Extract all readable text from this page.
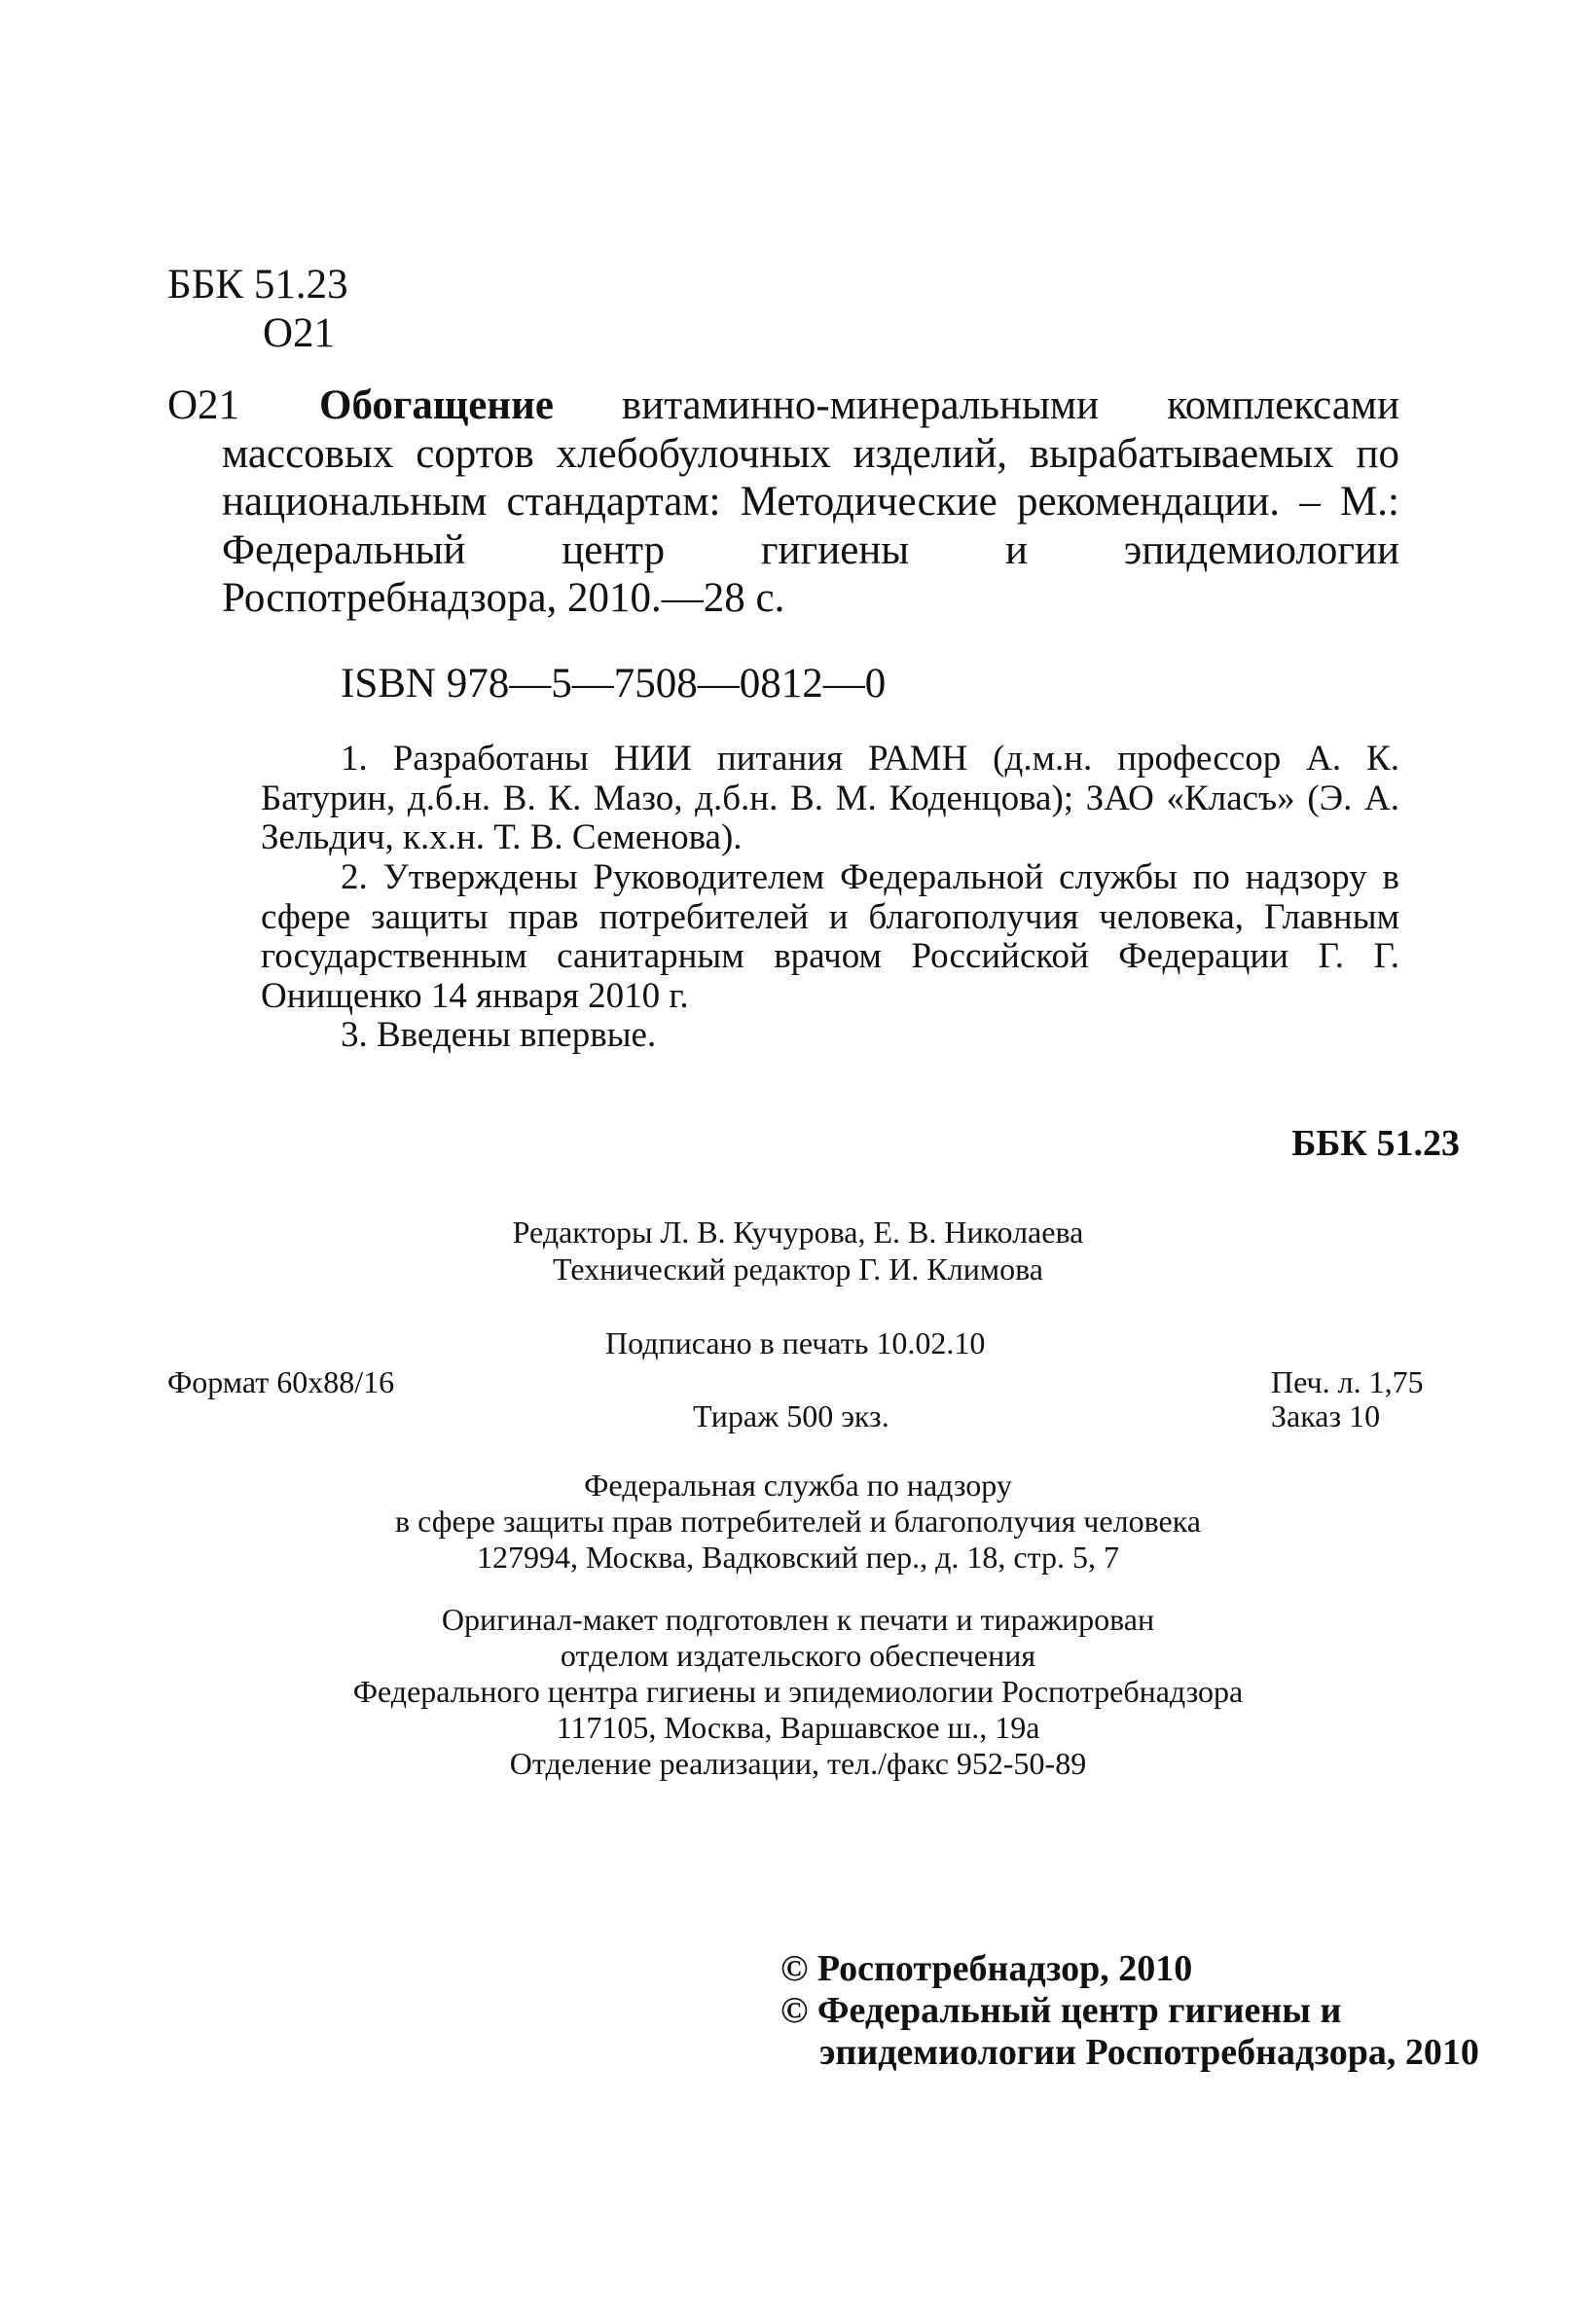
ББК 51.23
О21
О21	Обогащение витаминно-минеральными комплексами массовых сортов хлебобулочных изделий, вырабатываемых по национальным стандартам: Методические рекомендации. – М.: Федеральный центр гигиены и эпидемиологии Роспотребнадзора, 2010.—28 с.
ISBN 978—5—7508—0812—0
1. Разработаны НИИ питания РАМН (д.м.н. профессор А. К. Батурин, д.б.н. В. К. Мазо, д.б.н. В. М. Коденцова); ЗАО «Класъ» (Э. А. Зельдич, к.х.н. Т. В. Семенова).
2. Утверждены Руководителем Федеральной службы по надзору в сфере защиты прав потребителей и благополучия человека, Главным государственным санитарным врачом Российской Федерации Г. Г. Онищенко 14 января 2010 г.
3. Введены впервые.
ББК 51.23
Редакторы Л. В. Кучурова, Е. В. Николаева
Технический редактор Г. И. Климова
Подписано в печать 10.02.10
Формат 60x88/16	Печ. л. 1,75
Тираж 500 экз.	Заказ 10
Федеральная служба по надзору
в сфере защиты прав потребителей и благополучия человека
127994, Москва, Вадковский пер., д. 18, стр. 5, 7
Оригинал-макет подготовлен к печати и тиражирован
отделом издательского обеспечения
Федерального центра гигиены и эпидемиологии Роспотребнадзора
117105, Москва, Варшавское ш., 19а
Отделение реализации, тел./факс 952-50-89
© Роспотребнадзор, 2010
© Федеральный центр гигиены и
эпидемиологии Роспотребнадзора, 2010
